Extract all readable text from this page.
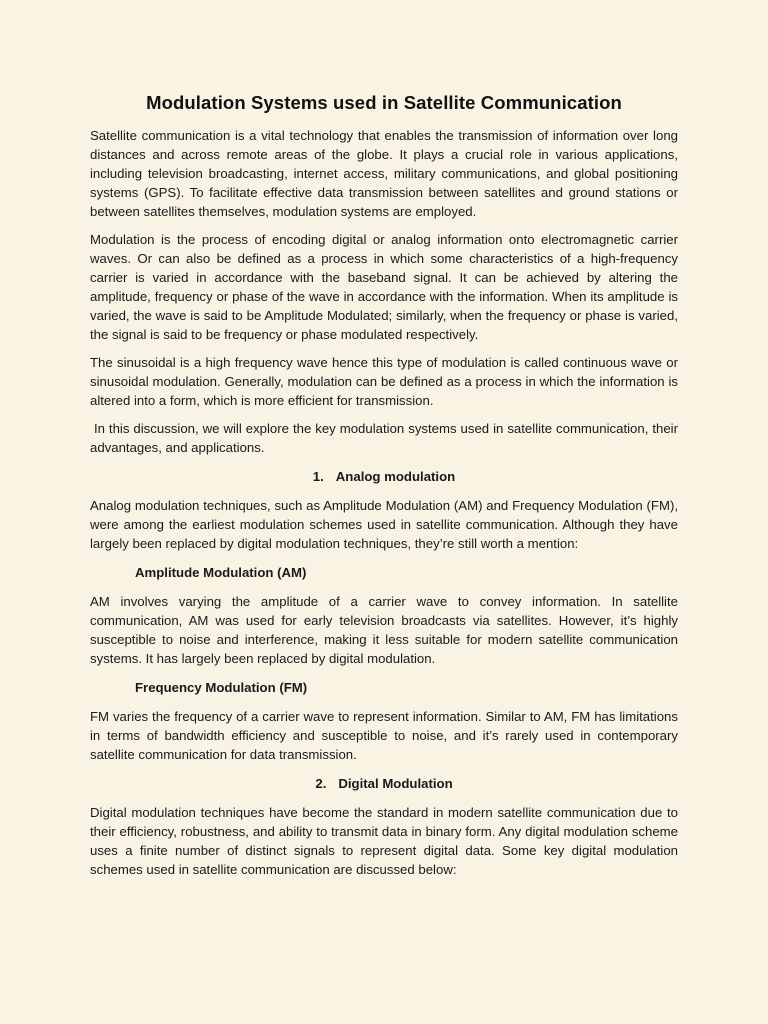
Modulation Systems used in Satellite Communication

Satellite communication is a vital technology that enables the transmission of information over long distances and across remote areas of the globe. It plays a crucial role in various applications, including television broadcasting, internet access, military communications, and global positioning systems (GPS). To facilitate effective data transmission between satellites and ground stations or between satellites themselves, modulation systems are employed.

Modulation is the process of encoding digital or analog information onto electromagnetic carrier waves. Or can also be defined as a process in which some characteristics of a high-frequency carrier is varied in accordance with the baseband signal. It can be achieved by altering the amplitude, frequency or phase of the wave in accordance with the information. When its amplitude is varied, the wave is said to be Amplitude Modulated; similarly, when the frequency or phase is varied, the signal is said to be frequency or phase modulated respectively.

The sinusoidal is a high frequency wave hence this type of modulation is called continuous wave or sinusoidal modulation. Generally, modulation can be defined as a process in which the information is altered into a form, which is more efficient for transmission.

In this discussion, we will explore the key modulation systems used in satellite communication, their advantages, and applications.

1. Analog modulation

Analog modulation techniques, such as Amplitude Modulation (AM) and Frequency Modulation (FM), were among the earliest modulation schemes used in satellite communication. Although they have largely been replaced by digital modulation techniques, they’re still worth a mention:

Amplitude Modulation (AM)

AM involves varying the amplitude of a carrier wave to convey information. In satellite communication, AM was used for early television broadcasts via satellites. However, it’s highly susceptible to noise and interference, making it less suitable for modern satellite communication systems. It has largely been replaced by digital modulation.

Frequency Modulation (FM)

FM varies the frequency of a carrier wave to represent information. Similar to AM, FM has limitations in terms of bandwidth efficiency and susceptible to noise, and it’s rarely used in contemporary satellite communication for data transmission.

2. Digital Modulation

Digital modulation techniques have become the standard in modern satellite communication due to their efficiency, robustness, and ability to transmit data in binary form. Any digital modulation scheme uses a finite number of distinct signals to represent digital data. Some key digital modulation schemes used in satellite communication are discussed below:
